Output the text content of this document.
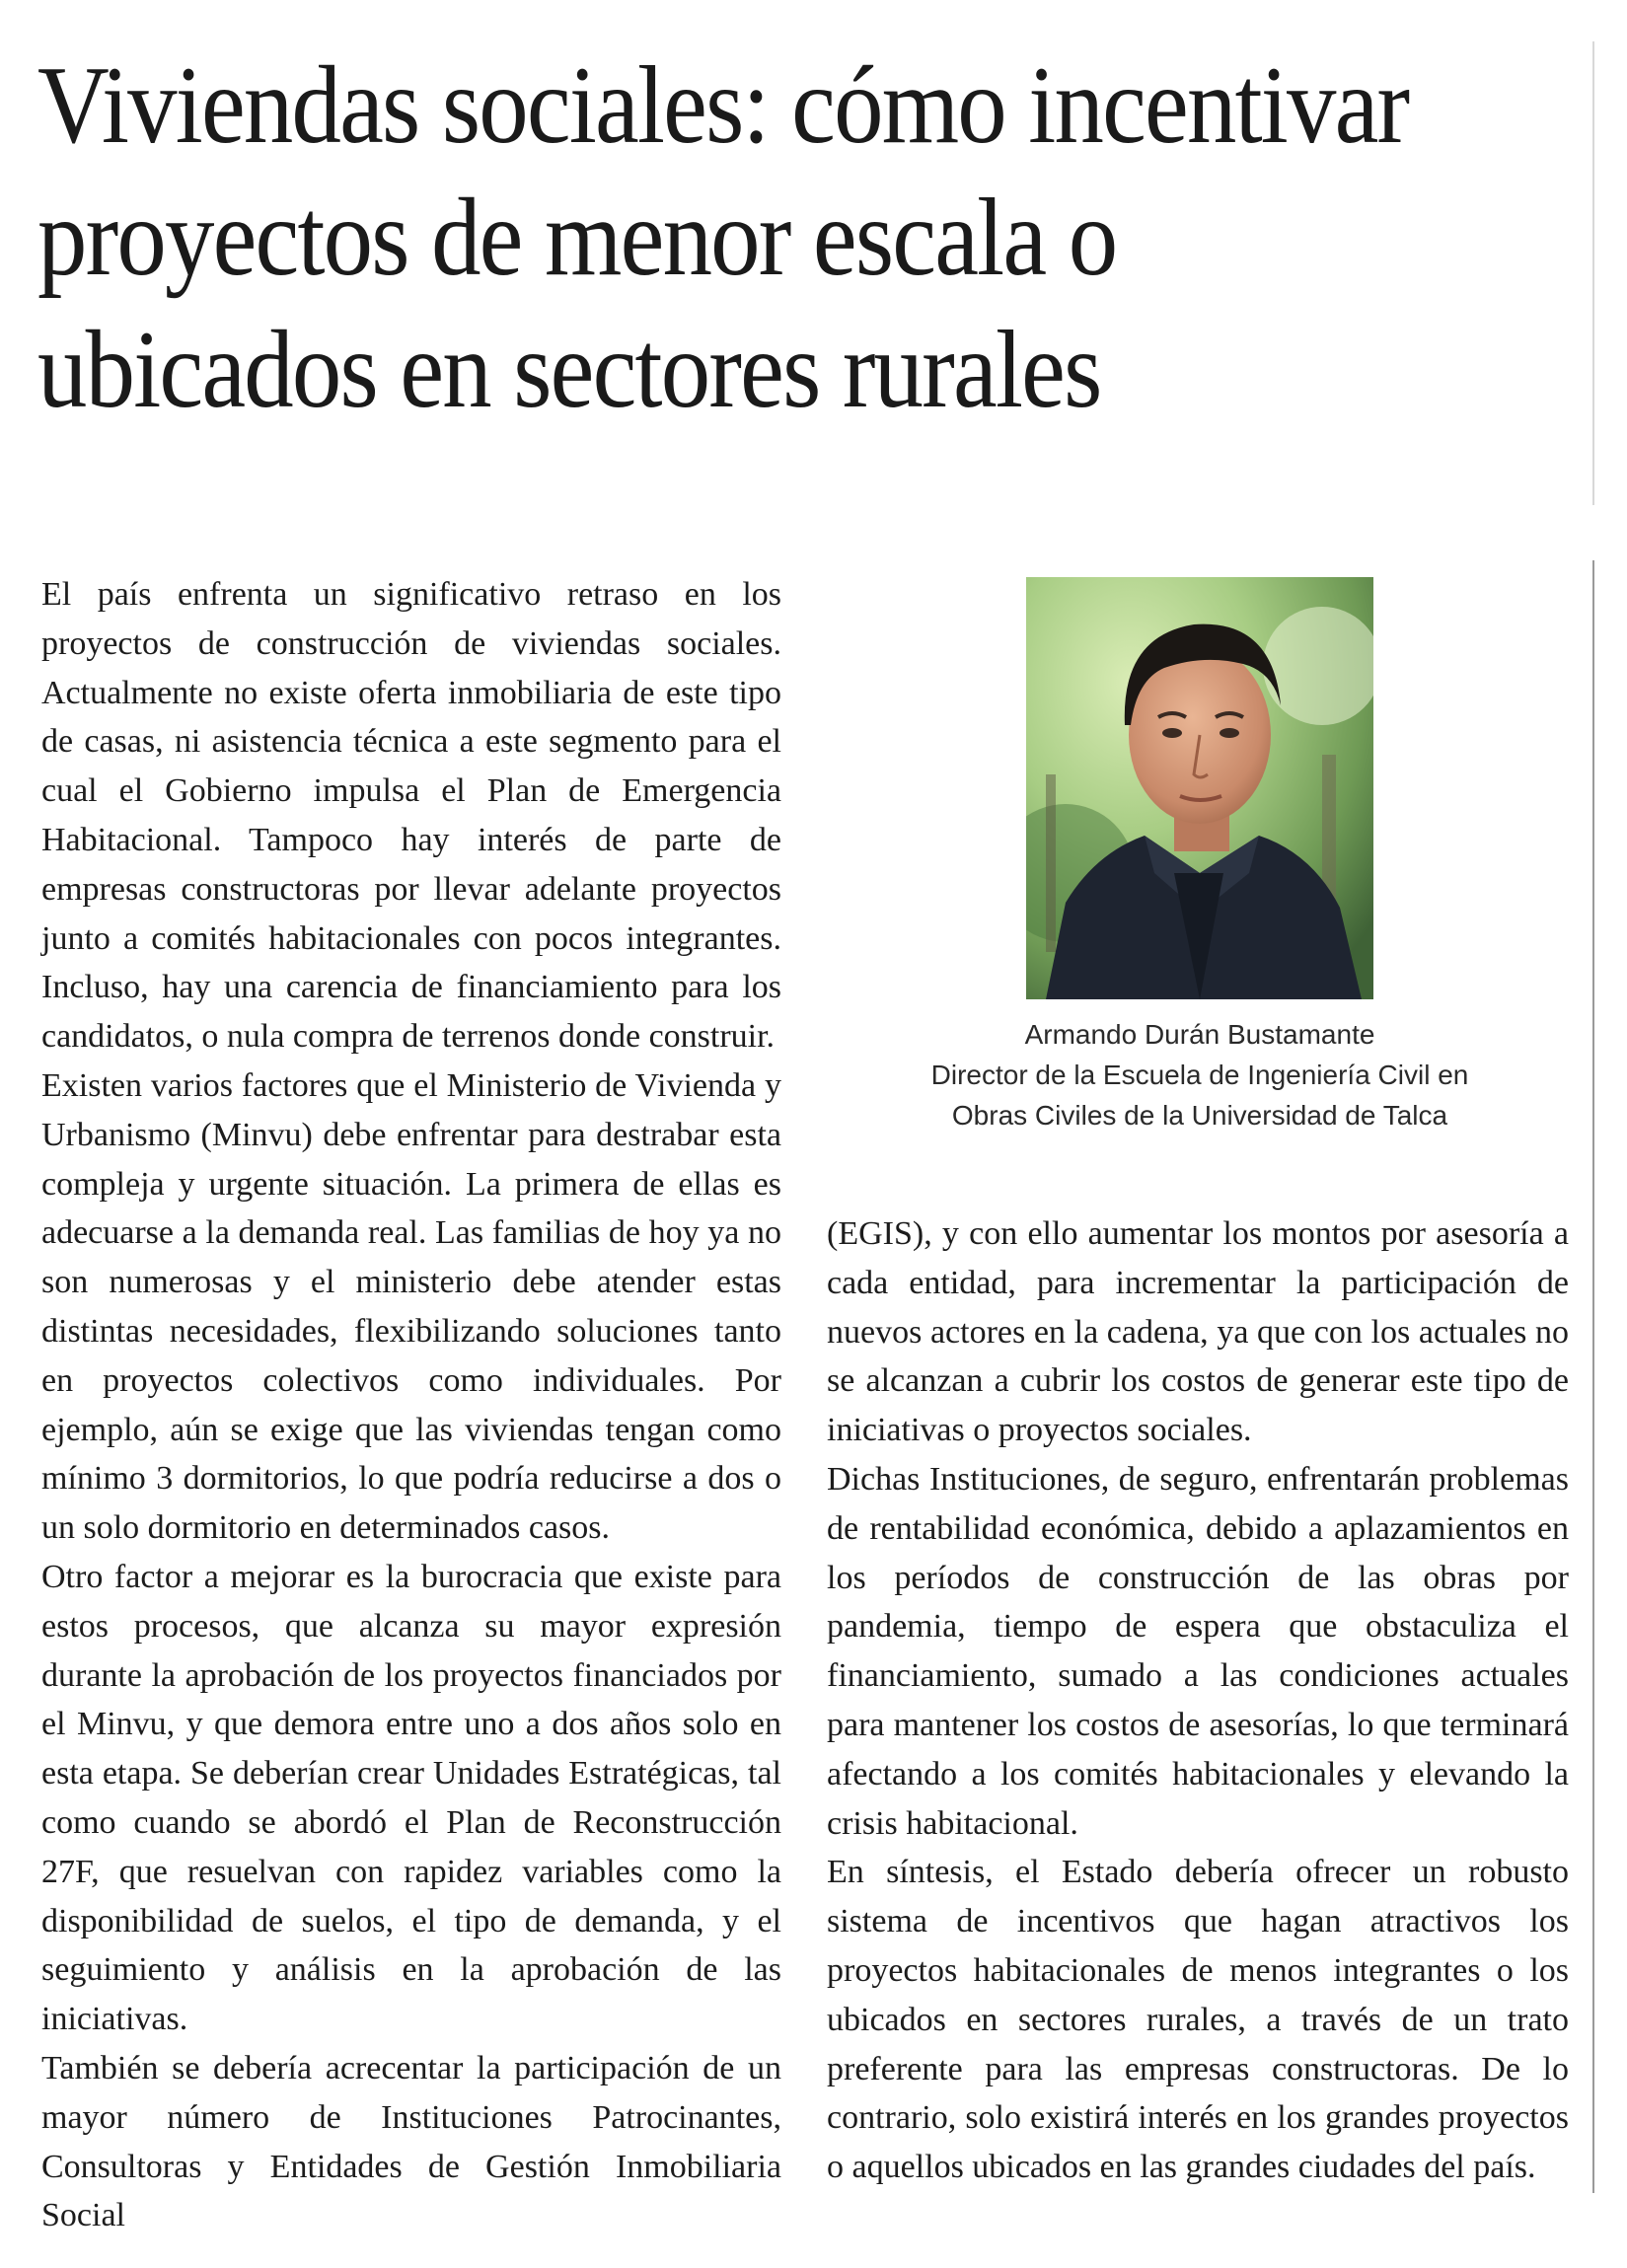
Viviendas sociales: cómo incentivar
proyectos de menor escala o
ubicados en sectores rurales

El país enfrenta un significativo retraso en los proyectos de construcción de viviendas sociales. Actualmente no existe oferta inmobiliaria de este tipo de casas, ni asistencia técnica a este segmento para el cual el Gobierno impulsa el Plan de Emergencia Habitacional. Tampoco hay interés de parte de empresas constructoras por llevar adelante proyectos junto a comités habitacionales con pocos integrantes. Incluso, hay una carencia de financiamiento para los candidatos, o nula compra de terrenos donde construir.

Existen varios factores que el Ministerio de Vivienda y Urbanismo (Minvu) debe enfrentar para destrabar esta compleja y urgente situación. La primera de ellas es adecuarse a la demanda real. Las familias de hoy ya no son numerosas y el ministerio debe atender estas distintas necesidades, flexibilizando soluciones tanto en proyectos colectivos como individuales. Por ejemplo, aún se exige que las viviendas tengan como mínimo 3 dormitorios, lo que podría reducirse a dos o un solo dormitorio en determinados casos.

Otro factor a mejorar es la burocracia que existe para estos procesos, que alcanza su mayor expresión durante la aprobación de los proyectos financiados por el Minvu, y que demora entre uno a dos años solo en esta etapa. Se deberían crear Unidades Estratégicas, tal como cuando se abordó el Plan de Reconstrucción 27F, que resuelvan con rapidez variables como la disponibilidad de suelos, el tipo de demanda, y el seguimiento y análisis en la aprobación de las iniciativas.

También se debería acrecentar la participación de un mayor número de Instituciones Patrocinantes, Consultoras y Entidades de Gestión Inmobiliaria Social

Armando Durán Bustamante
Director de la Escuela de Ingeniería Civil en
Obras Civiles de la Universidad de Talca

(EGIS), y con ello aumentar los montos por asesoría a cada entidad, para incrementar la participación de nuevos actores en la cadena, ya que con los actuales no se alcanzan a cubrir los costos de generar este tipo de iniciativas o proyectos sociales.

Dichas Instituciones, de seguro, enfrentarán problemas de rentabilidad económica, debido a aplazamientos en los períodos de construcción de las obras por pandemia, tiempo de espera que obstaculiza el financiamiento, sumado a las condiciones actuales para mantener los costos de asesorías, lo que terminará afectando a los comités habitacionales y elevando la crisis habitacional.

En síntesis, el Estado debería ofrecer un robusto sistema de incentivos que hagan atractivos los proyectos habitacionales de menos integrantes o los ubicados en sectores rurales, a través de un trato preferente para las empresas constructoras. De lo contrario, solo existirá interés en los grandes proyectos o aquellos ubicados en las grandes ciudades del país.
